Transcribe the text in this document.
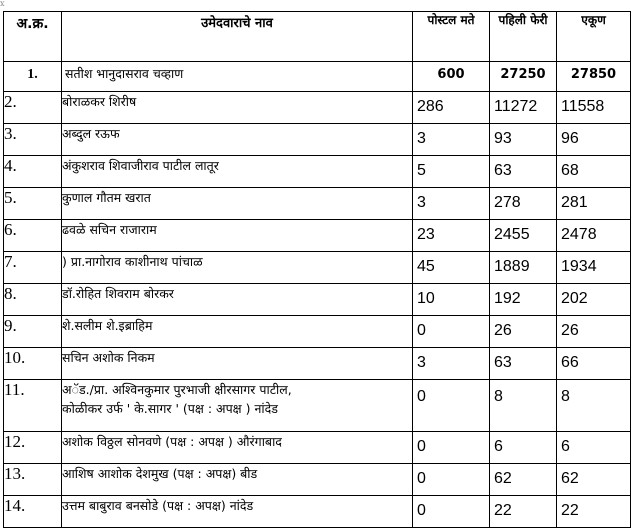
x
अ.क्र.	उमेदवाराचे नाव	पोस्टल मते	पहिली फेरी	एकूण
1.	सतीश भानुदासराव चव्हाण	600	27250	27850
2.	बोराळकर शिरीष	286	11272	11558
3.	अब्दुल रऊफ	3	93	96
4.	अंकुशराव शिवाजीराव पाटील लातूर	5	63	68
5.	कुणाल गौतम खरात	3	278	281
6.	ढवळे सचिन राजाराम	23	2455	2478
7.	) प्रा.नागोराव काशीनाथ पांचाळ	45	1889	1934
8.	डॉ.रोहित शिवराम बोरकर	10	192	202
9.	शे.सलीम शे.इब्राहिम	0	26	26
10.	सचिन अशोक निकम	3	63	66
11.	अॅड./प्रा. अश्विनकुमार पुरभाजी क्षीरसागर पाटील,
कोळीकर उर्फ ' के.सागर ' (पक्ष : अपक्ष ) नांदेड	0	8	8
12.	अशोक विठ्ठल सोनवणे (पक्ष : अपक्ष ) औरंगाबाद	0	6	6
13.	आशिष आशोक देशमुख (पक्ष : अपक्ष) बीड	0	62	62
14.	उत्तम बाबुराव बनसोडे (पक्ष : अपक्ष) नांदेड	0	22	22
